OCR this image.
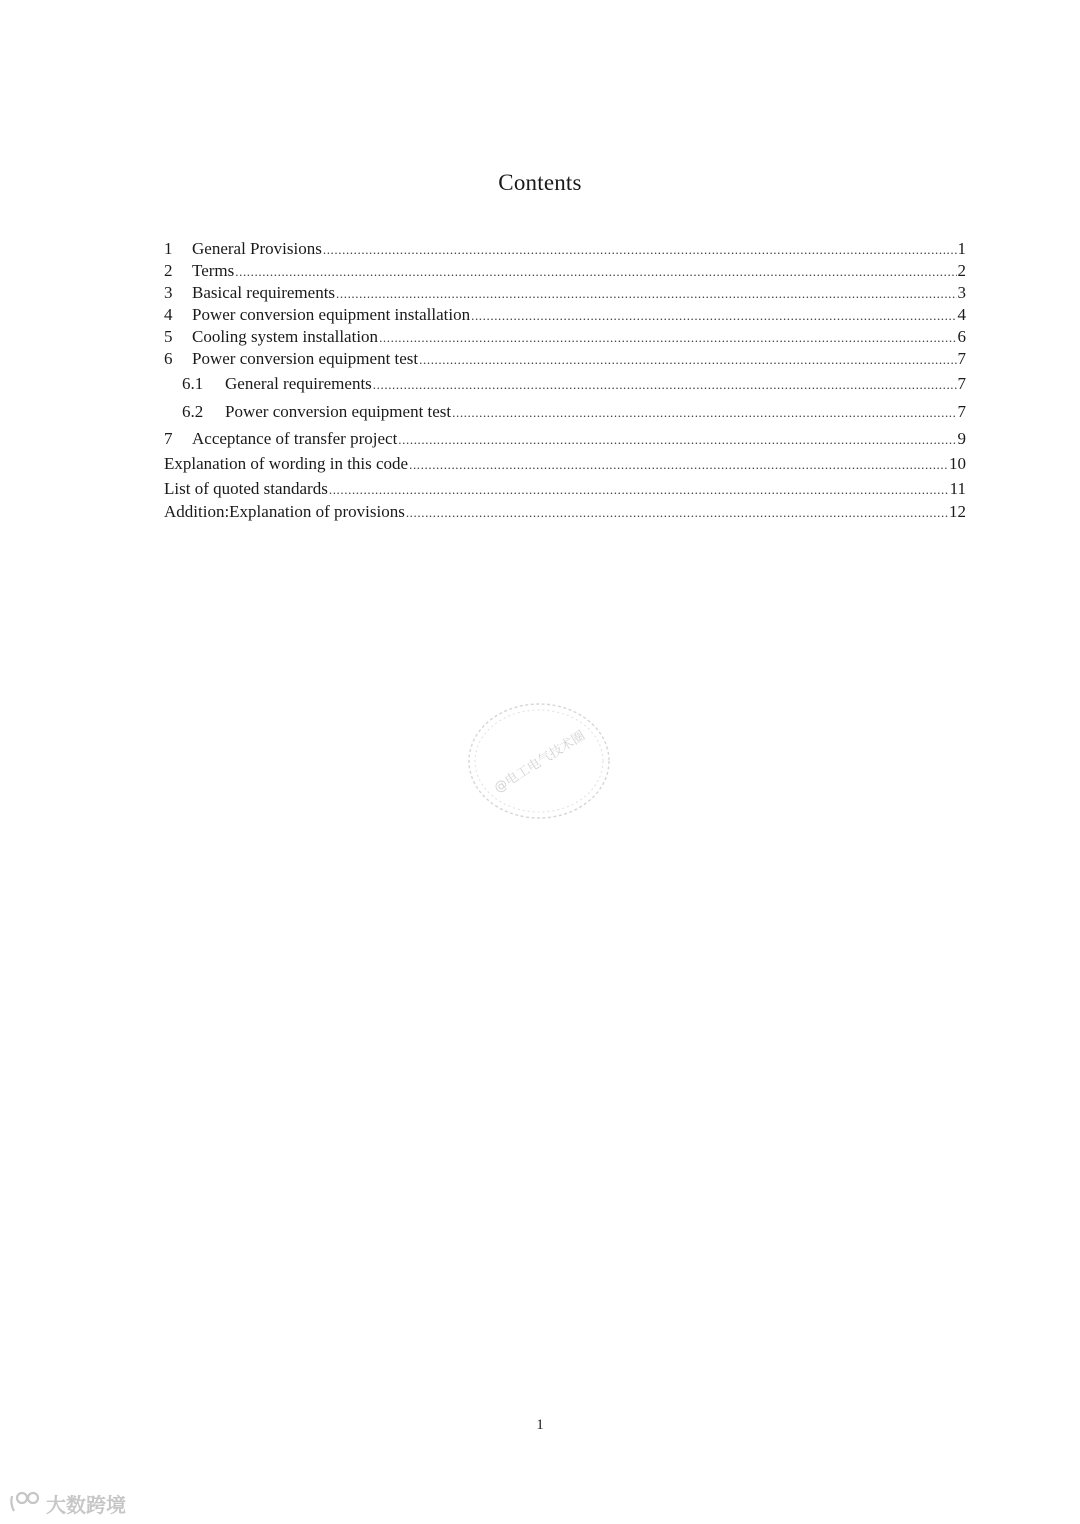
Contents
1	General Provisions .....	1
2	Terms .....	2
3	Basical requirements .....	3
4	Power conversion equipment installation .....	4
5	Cooling system installation .....	6
6	Power conversion equipment test .....	7
6.1	General requirements .....	7
6.2	Power conversion equipment test .....	7
7	Acceptance of transfer project .....	9
Explanation of wording in this code .....	10
List of quoted standards .....	11
Addition:Explanation of provisions .....	12
@电工电气技术圈
1
大数跨境
